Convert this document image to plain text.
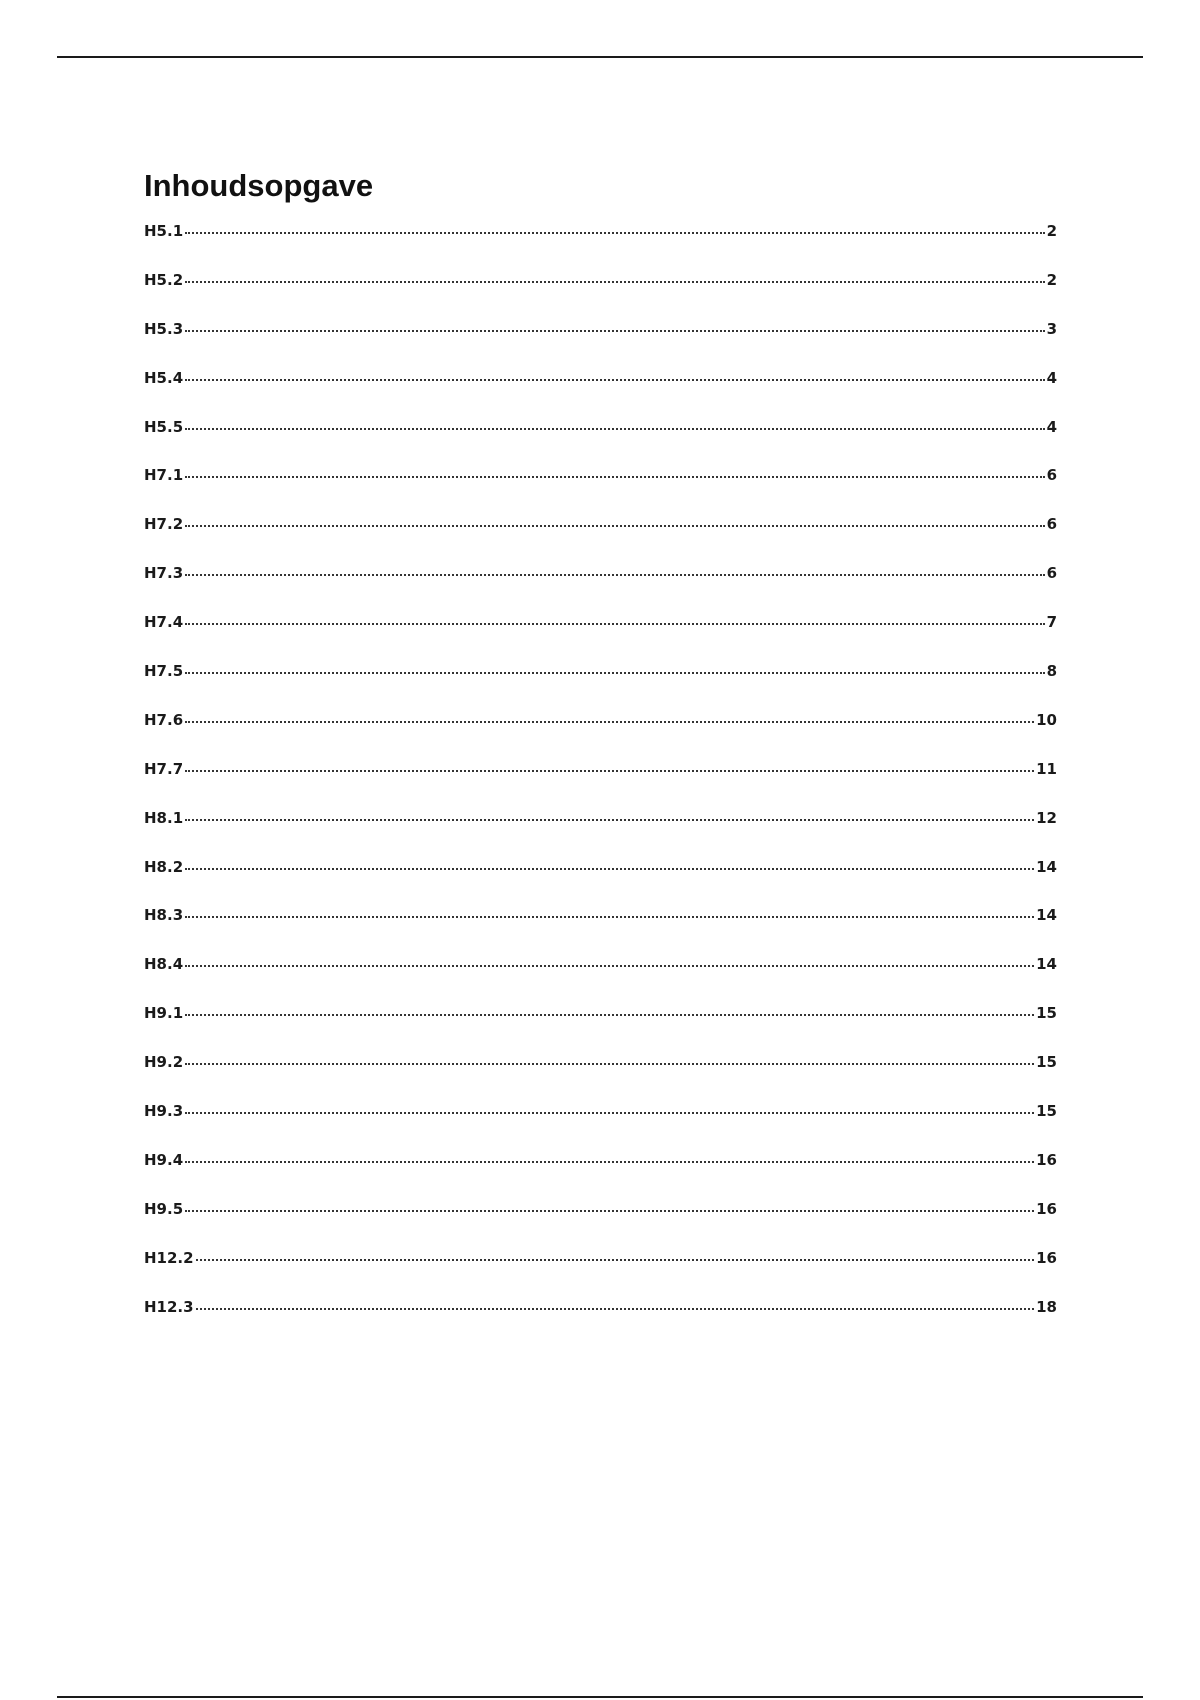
Inhoudsopgave
H5.1	2
H5.2	2
H5.3	3
H5.4	4
H5.5	4
H7.1	6
H7.2	6
H7.3	6
H7.4	7
H7.5	8
H7.6	10
H7.7	11
H8.1	12
H8.2	14
H8.3	14
H8.4	14
H9.1	15
H9.2	15
H9.3	15
H9.4	16
H9.5	16
H12.2	16
H12.3	18
